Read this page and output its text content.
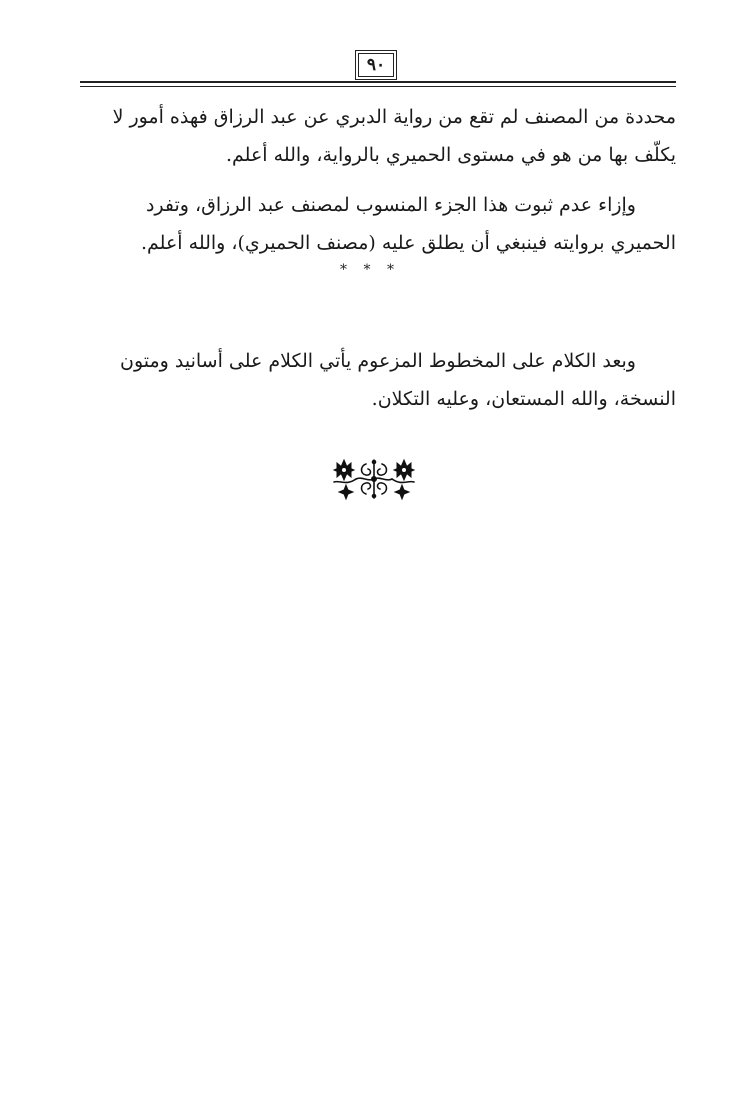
٩٠

محددة من المصنف لم تقع من رواية الدبري عن عبد الرزاق فهذه أمور لا
يكلّف بها من هو في مستوى الحميري بالرواية، والله أعلم.

وإزاء عدم ثبوت هذا الجزء المنسوب لمصنف عبد الرزاق، وتفرد
الحميري بروايته فينبغي أن يطلق عليه (مصنف الحميري)، والله أعلم.

* * *

وبعد الكلام على المخطوط المزعوم يأتي الكلام على أسانيد ومتون
النسخة، والله المستعان، وعليه التكلان.
